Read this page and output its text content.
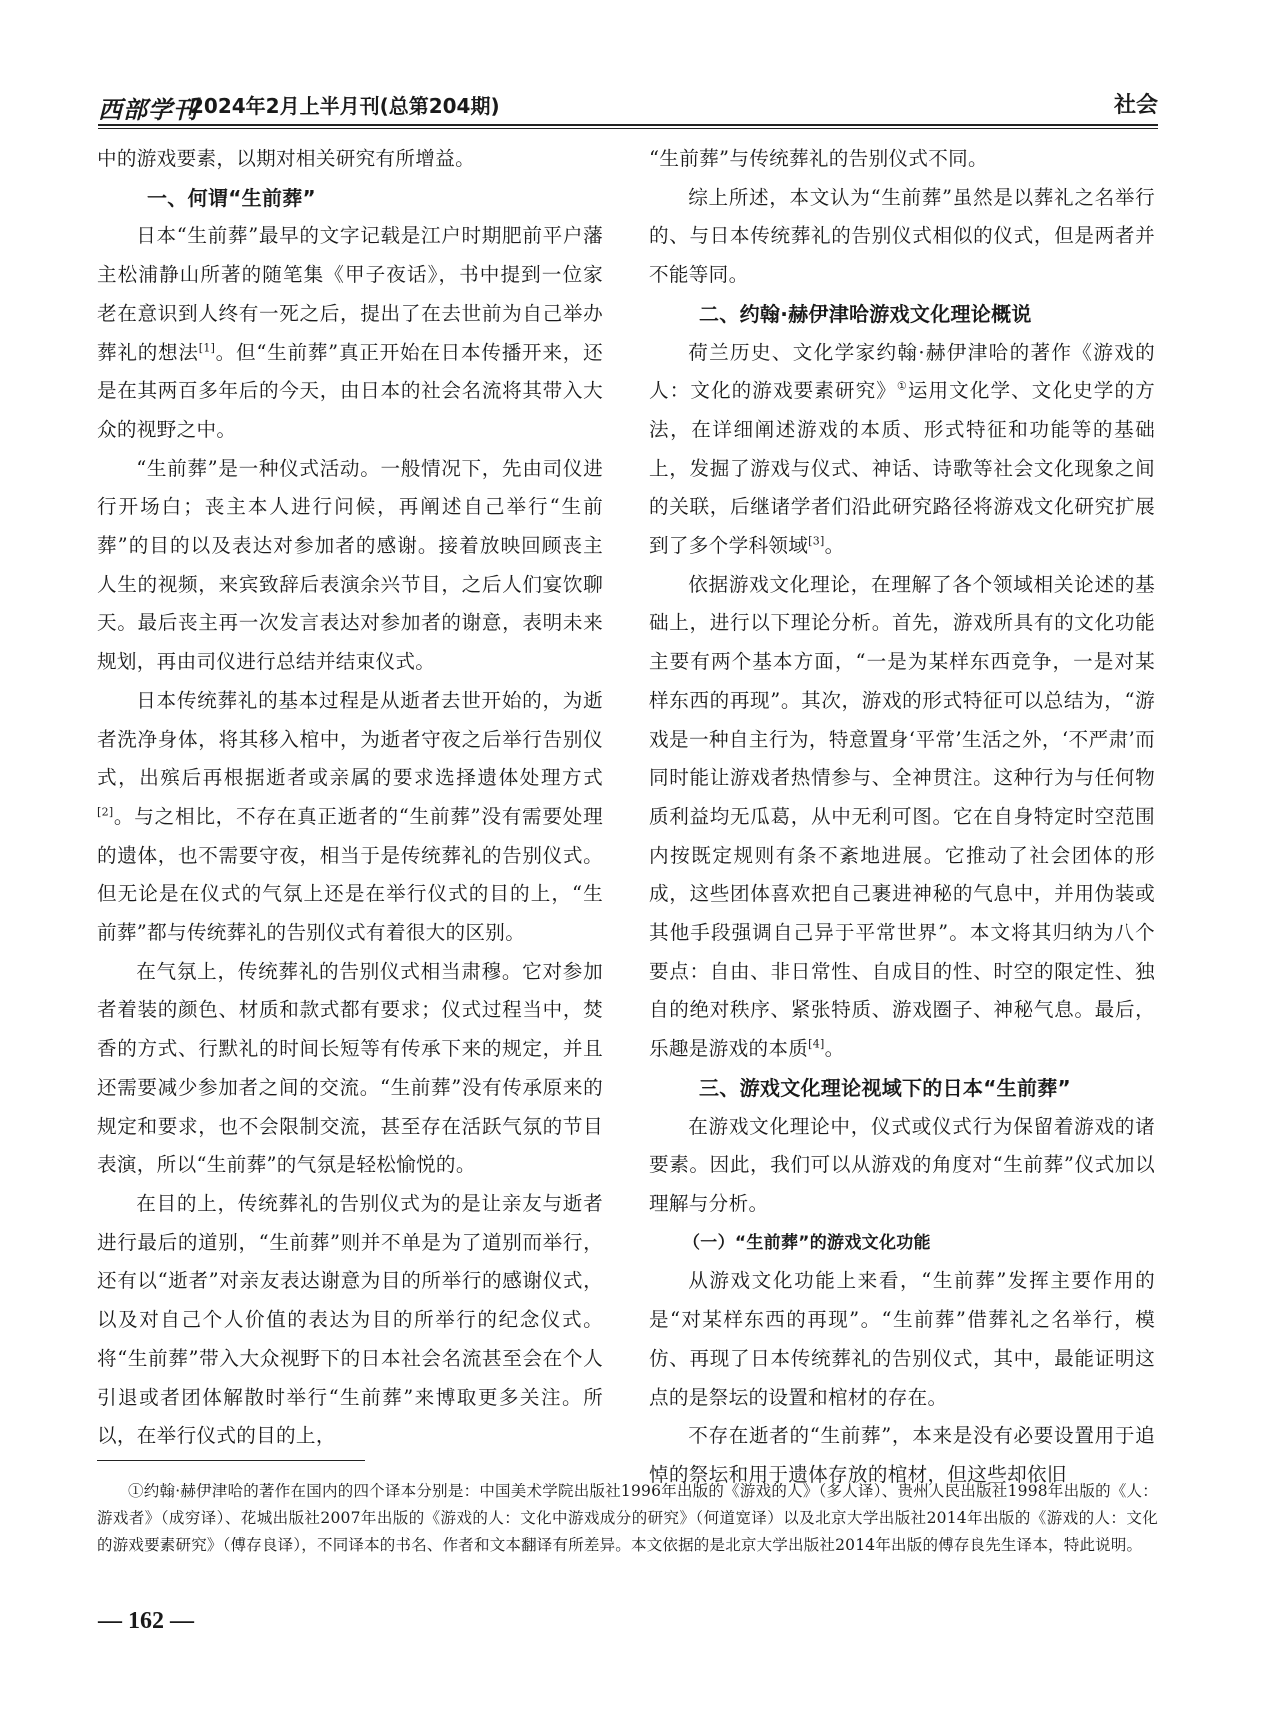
西部学刊
2024年2月上半月刊(总第204期)	社会

中的游戏要素，以期对相关研究有所增益。

一、何谓“生前葬”

日本“生前葬”最早的文字记载是江户时期肥前平户藩主松浦静山所著的随笔集《甲子夜话》，书中提到一位家老在意识到人终有一死之后，提出了在去世前为自己举办葬礼的想法[1]。但“生前葬”真正开始在日本传播开来，还是在其两百多年后的今天，由日本的社会名流将其带入大众的视野之中。

“生前葬”是一种仪式活动。一般情况下，先由司仪进行开场白；丧主本人进行问候，再阐述自己举行“生前葬”的目的以及表达对参加者的感谢。接着放映回顾丧主人生的视频，来宾致辞后表演余兴节目，之后人们宴饮聊天。最后丧主再一次发言表达对参加者的谢意，表明未来规划，再由司仪进行总结并结束仪式。

日本传统葬礼的基本过程是从逝者去世开始的，为逝者洗净身体，将其移入棺中，为逝者守夜之后举行告别仪式，出殡后再根据逝者或亲属的要求选择遗体处理方式[2]。与之相比，不存在真正逝者的“生前葬”没有需要处理的遗体，也不需要守夜，相当于是传统葬礼的告别仪式。但无论是在仪式的气氛上还是在举行仪式的目的上，“生前葬”都与传统葬礼的告别仪式有着很大的区别。

在气氛上，传统葬礼的告别仪式相当肃穆。它对参加者着装的颜色、材质和款式都有要求；仪式过程当中，焚香的方式、行默礼的时间长短等有传承下来的规定，并且还需要减少参加者之间的交流。“生前葬”没有传承原来的规定和要求，也不会限制交流，甚至存在活跃气氛的节目表演，所以“生前葬”的气氛是轻松愉悦的。

在目的上，传统葬礼的告别仪式为的是让亲友与逝者进行最后的道别，“生前葬”则并不单是为了道别而举行，还有以“逝者”对亲友表达谢意为目的所举行的感谢仪式，以及对自己个人价值的表达为目的所举行的纪念仪式。将“生前葬”带入大众视野下的日本社会名流甚至会在个人引退或者团体解散时举行“生前葬”来博取更多关注。所以，在举行仪式的目的上，

“生前葬”与传统葬礼的告别仪式不同。

综上所述，本文认为“生前葬”虽然是以葬礼之名举行的、与日本传统葬礼的告别仪式相似的仪式，但是两者并不能等同。

二、约翰·赫伊津哈游戏文化理论概说

荷兰历史、文化学家约翰·赫伊津哈的著作《游戏的人：文化的游戏要素研究》①运用文化学、文化史学的方法，在详细阐述游戏的本质、形式特征和功能等的基础上，发掘了游戏与仪式、神话、诗歌等社会文化现象之间的关联，后继诸学者们沿此研究路径将游戏文化研究扩展到了多个学科领域[3]。

依据游戏文化理论，在理解了各个领域相关论述的基础上，进行以下理论分析。首先，游戏所具有的文化功能主要有两个基本方面，“一是为某样东西竞争，一是对某样东西的再现”。其次，游戏的形式特征可以总结为，“游戏是一种自主行为，特意置身‘平常’生活之外，‘不严肃’而同时能让游戏者热情参与、全神贯注。这种行为与任何物质利益均无瓜葛，从中无利可图。它在自身特定时空范围内按既定规则有条不紊地进展。它推动了社会团体的形成，这些团体喜欢把自己裹进神秘的气息中，并用伪装或其他手段强调自己异于平常世界”。本文将其归纳为八个要点：自由、非日常性、自成目的性、时空的限定性、独自的绝对秩序、紧张特质、游戏圈子、神秘气息。最后，乐趣是游戏的本质[4]。

三、游戏文化理论视域下的日本“生前葬”

在游戏文化理论中，仪式或仪式行为保留着游戏的诸要素。因此，我们可以从游戏的角度对“生前葬”仪式加以理解与分析。

（一）“生前葬”的游戏文化功能

从游戏文化功能上来看，“生前葬”发挥主要作用的是“对某样东西的再现”。“生前葬”借葬礼之名举行，模仿、再现了日本传统葬礼的告别仪式，其中，最能证明这点的是祭坛的设置和棺材的存在。

不存在逝者的“生前葬”，本来是没有必要设置用于追悼的祭坛和用于遗体存放的棺材，但这些却依旧

①约翰·赫伊津哈的著作在国内的四个译本分别是：中国美术学院出版社1996年出版的《游戏的人》（多人译）、贵州人民出版社1998年出版的《人：游戏者》（成穷译）、花城出版社2007年出版的《游戏的人：文化中游戏成分的研究》（何道宽译）以及北京大学出版社2014年出版的《游戏的人：文化的游戏要素研究》（傅存良译），不同译本的书名、作者和文本翻译有所差异。本文依据的是北京大学出版社2014年出版的傅存良先生译本，特此说明。
— 162 —
